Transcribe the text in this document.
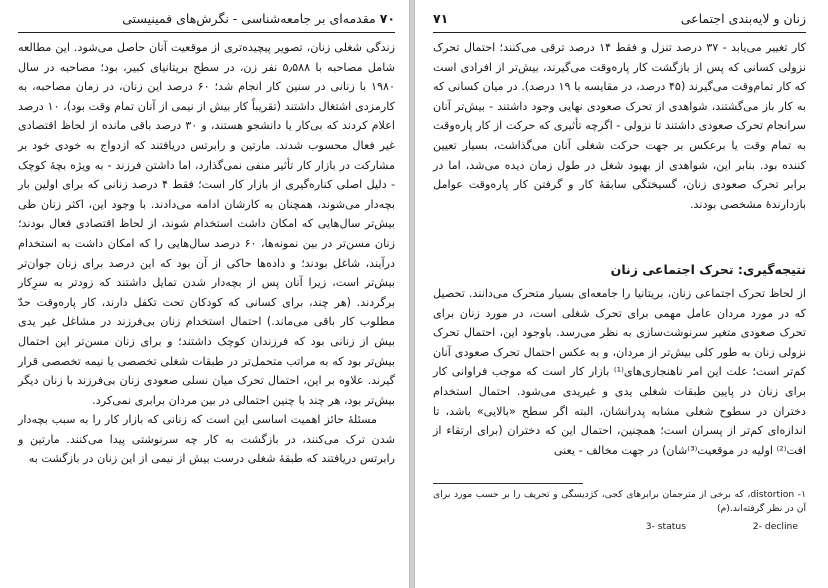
۷۰ مقدمه‌ای بر جامعه‌شناسی - نگرش‌های فمینیستی

زندگی شغلی زنان، تصویر پیچیده‌تری از موقعیت آنان حاصل می‌شود. این مطالعه شامل مصاحبه با ۵٫۵۸۸ نفر زن، در سطح بریتانیای کبیر، بود؛ مصاحبه در سال ۱۹۸۰ با زنانی در سنین کار انجام شد؛ ۶۰ درصد این زنان، در زمان مصاحبه، به کارمزدی اشتغال داشتند (تقریباً کار بیش از نیمی از آنان تمام وقت بود)، ۱۰ درصد اعلام کردند که بی‌کار یا دانشجو هستند، و ۳۰ درصد باقی مانده از لحاظ اقتصادی غیر فعال محسوب شدند. مارتین و رابرتس دریافتند که ازدواج به خودی خود بر مشارکت در بازار کار تأثیر منفی نمی‌گذارد، اما داشتن فرزند - به ویژه بچهٔ کوچک - دلیل اصلی کناره‌گیری از بازار کار است؛ فقط ۴ درصد زنانی که برای اولین بار بچه‌دار می‌شوند، همچنان به کارشان ادامه می‌دادند. با وجود این، اکثر زنان طی بیش‌تر سال‌هایی که امکان داشت استخدام شوند، از لحاظ اقتصادی فعال بودند؛ زنان مسن‌تر در بین نمونه‌ها، ۶۰ درصد سال‌هایی را که امکان داشت به استخدام درآیند، شاغل بودند؛ و داده‌ها حاکی از آن بود که این درصد برای زنان جوان‌تر بیش‌تر است، زیرا آنان پس از بچه‌دار شدن تمایل داشتند که زودتر به سرِکار برگردند. (هر چند، برای کسانی که کودکان تحت تکفل دارند، کار پاره‌وقت حدّ مطلوب کار باقی می‌ماند.) احتمال استخدام زنان بی‌فرزند در مشاغل غیر یدی بیش از زنانی بود که فرزندان کوچک داشتند؛ و برای زنان مسن‌تر این احتمال بیش‌تر بود که به مراتب متحمل‌تر در طبقات شغلی تخصصی یا نیمه تخصصی قرار گیرند. علاوه بر این، احتمال تحرک میان نسلی صعودی زنان بی‌فرزند با زنان دیگر بیش‌تر بود، هر چند با چنین احتمالی در بین مردان برابری نمی‌کرد.

مسئلهٔ حائز اهمیت اساسی این است که زنانی که بازار کار را به سبب بچه‌دار شدن ترک می‌کنند، در بازگشت به کار چه سرنوشتی پیدا می‌کنند. مارتین و رابرتس دریافتند که طبقهٔ شغلی درست بیش از نیمی از این زنان در بازگشت به

زنان و لایه‌بندی اجتماعی
۷۱

کار تغییر می‌یابد - ۳۷ درصد تنزل و فقط ۱۴ درصد ترقی می‌کنند؛ احتمال تحرک نزولی کسانی که پس از بازگشت کار پاره‌وقت می‌گیرند، بیش‌تر از افرادی است که کار تمام‌وقت می‌گیرند (۴۵ درصد، در مقایسه با ۱۹ درصد). در میان کسانی که به کار باز می‌گشتند، شواهدی از تحرک صعودی نهایی وجود داشتند - بیش‌تر آنان سرانجام تحرک صعودی داشتند تا نزولی - اگرچه تأثیری که حرکت از کار پاره‌وقت به تمام وقت یا برعکس بر جهت حرکت شغلی آنان می‌گذاشت، بسیار تعیین کننده بود. بنابر این، شواهدی از بهبود شغل در طول زمان دیده می‌شد، اما در برابر تحرک صعودی زنان، گسیختگی سابقهٔ کار و گرفتن کار پاره‌وقت عوامل بازدارندهٔ مشخصی بودند.

نتیجه‌گیری: تحرک اجتماعی زنان

از لحاظ تحرک اجتماعی زنان، بریتانیا را جامعه‌ای بسیار متحرک می‌دانند. تحصیل که در مورد مردان عامل مهمی برای تحرک شغلی است، در مورد زنان برای تحرک صعودی متغیر سرنوشت‌سازی به نظر می‌رسد. باوجود این، احتمال تحرک نزولی زنان به طور کلی بیش‌تر از مردان، و به عکس احتمال تحرک صعودی آنان کم‌تر است؛ علت این امر ناهنجاری‌های⁽¹⁾ بازار کار است که موجب فراوانی کار برای زنان در پایین طبقات شغلی یدی و غیریدی می‌شود. احتمال استخدام دختران در سطوح شغلی مشابه پدرانشان، البته اگر سطح «بالایی» باشد، تا اندازه‌ای کم‌تر از پسران است؛ همچنین، احتمال این که دختران (برای ارتقاء از افت⁽²⁾ اولیه در موقعیت⁽³⁾شان) در جهت مخالف - یعنی

۱- distortion، که برخی از مترجمان برابرهای کجی، کژدیسگی و تحریف را بر حسب مورد برای آن در نظر گرفته‌اند.(م)
2- decline
3- status
